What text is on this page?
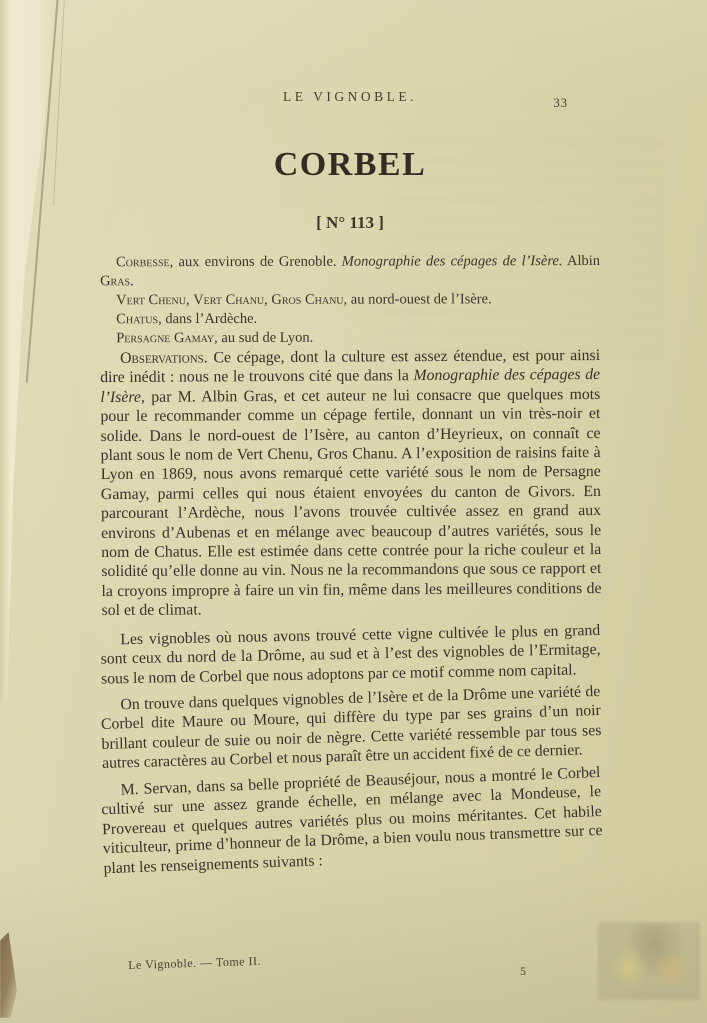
LE VIGNOBLE.	33
CORBEL
[ N° 113 ]

Corbesse, aux environs de Grenoble. Monographie des cépages de l’Isère. Albin Gras.

Vert Chenu, Vert Chanu, Gros Chanu, au nord-ouest de l’Isère.

Chatus, dans l’Ardèche.

Persagne Gamay, au sud de Lyon.

Observations. Ce cépage, dont la culture est assez étendue, est pour ainsi dire inédit : nous ne le trouvons cité que dans la Monographie des cépages de l’Isère, par M. Albin Gras, et cet auteur ne lui consacre que quelques mots pour le recommander comme un cépage fertile, donnant un vin très-noir et solide. Dans le nord-ouest de l’Isère, au canton d’Heyrieux, on connaît ce plant sous le nom de Vert Chenu, Gros Chanu. A l’exposition de raisins faite à Lyon en 1869, nous avons remarqué cette variété sous le nom de Persagne Gamay, parmi celles qui nous étaient envoyées du canton de Givors. En parcourant l’Ardèche, nous l’avons trouvée cultivée assez en grand aux environs d’Aubenas et en mélange avec beaucoup d’autres variétés, sous le nom de Chatus. Elle est estimée dans cette contrée pour la riche couleur et la solidité qu’elle donne au vin. Nous ne la recommandons que sous ce rapport et la croyons impropre à faire un vin fin, même dans les meilleures conditions de sol et de climat.

Les vignobles où nous avons trouvé cette vigne cultivée le plus en grand sont ceux du nord de la Drôme, au sud et à l’est des vignobles de l’Ermitage, sous le nom de Corbel que nous adoptons par ce motif comme nom capital.

On trouve dans quelques vignobles de l’Isère et de la Drôme une variété de Corbel dite Maure ou Moure, qui diffère du type par ses grains d’un noir brillant couleur de suie ou noir de nègre. Cette variété ressemble par tous ses autres caractères au Corbel et nous paraît être un accident fixé de ce dernier.

M. Servan, dans sa belle propriété de Beauséjour, nous a montré le Corbel cultivé sur une assez grande échelle, en mélange avec la Mondeuse, le Provereau et quelques autres variétés plus ou moins méritantes. Cet habile viticulteur, prime d’honneur de la Drôme, a bien voulu nous transmettre sur ce plant les renseignements suivants :

Le Vignoble. — Tome II.	5
